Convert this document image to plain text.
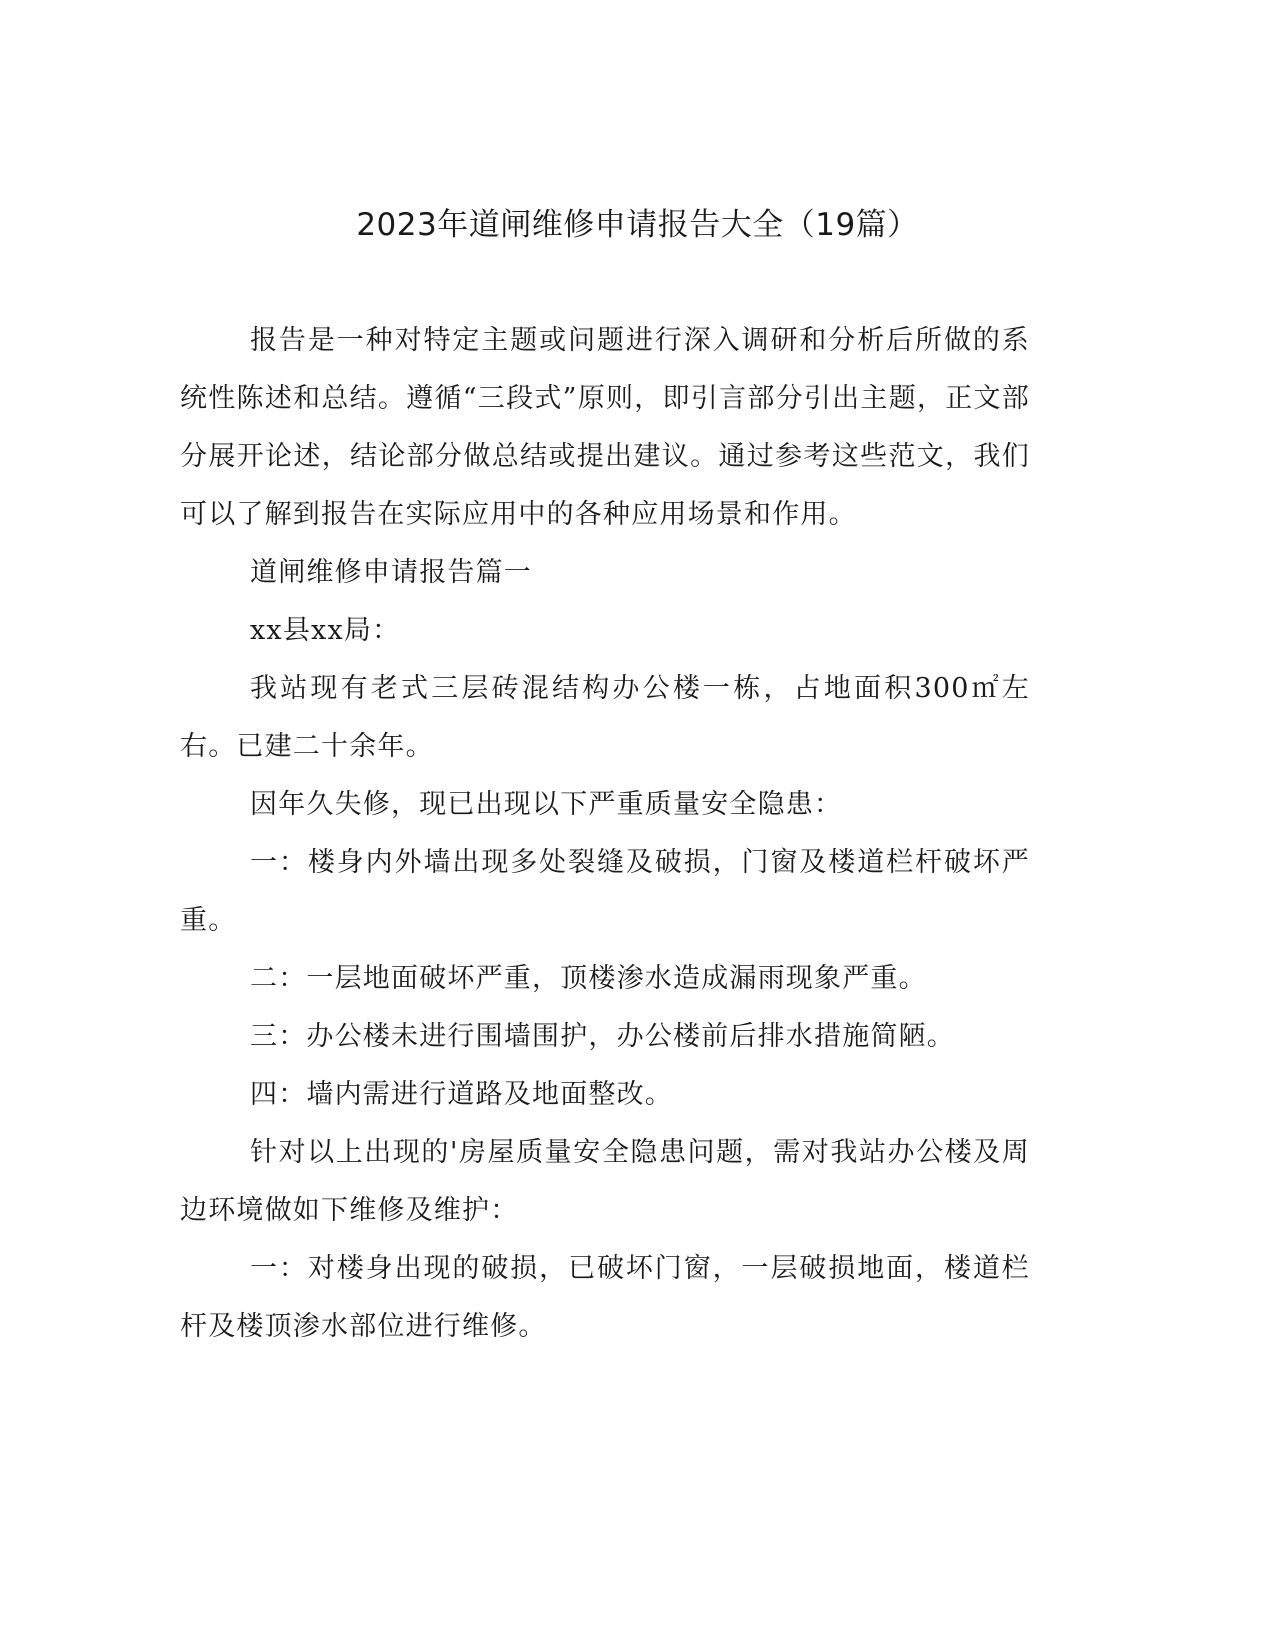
2023年道闸维修申请报告大全（19篇）

报告是一种对特定主题或问题进行深入调研和分析后所做的系统性陈述和总结。遵循“三段式”原则，即引言部分引出主题，正文部分展开论述，结论部分做总结或提出建议。通过参考这些范文，我们可以了解到报告在实际应用中的各种应用场景和作用。

道闸维修申请报告篇一

xx县xx局：

我站现有老式三层砖混结构办公楼一栋，占地面积300㎡左右。已建二十余年。

因年久失修，现已出现以下严重质量安全隐患：

一：楼身内外墙出现多处裂缝及破损，门窗及楼道栏杆破坏严重。

二：一层地面破坏严重，顶楼渗水造成漏雨现象严重。

三：办公楼未进行围墙围护，办公楼前后排水措施简陋。

四：墙内需进行道路及地面整改。

针对以上出现的'房屋质量安全隐患问题，需对我站办公楼及周边环境做如下维修及维护：

一：对楼身出现的破损，已破坏门窗，一层破损地面，楼道栏杆及楼顶渗水部位进行维修。
